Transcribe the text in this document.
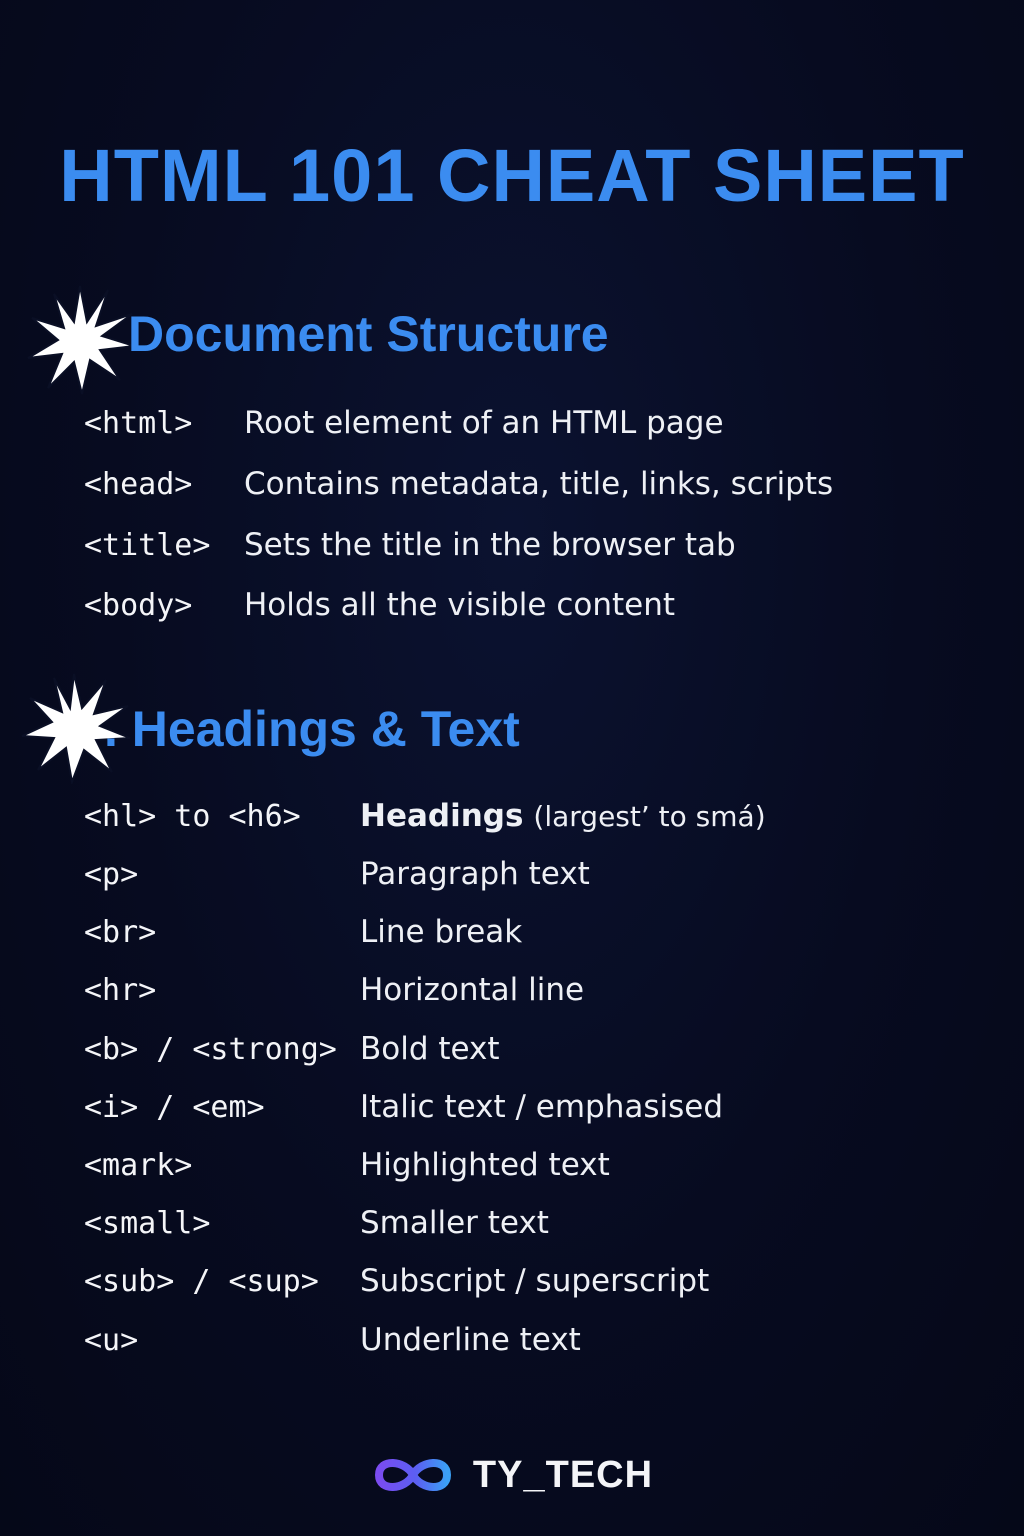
HTML 101 CHEAT SHEET
Document Structure
<html>	Root element of an HTML page
<head>	Contains metadata, title, links, scripts
<title>	Sets the title in the browser tab
<body>	Holds all the visible content
. Headings & Text
<hl> to <h6>	Headings (largest’ to smá)
<p>	Paragraph text
<br>	Line break
<hr>	Horizontal line
<b> / <strong> Bold text
<i> / <em>	Italic text / emphasised
<mark>	Highlighted text
<small>	Smaller text
<sub> / <sup>	Subscript / superscript
<u>	Underline text
TY_TECH
